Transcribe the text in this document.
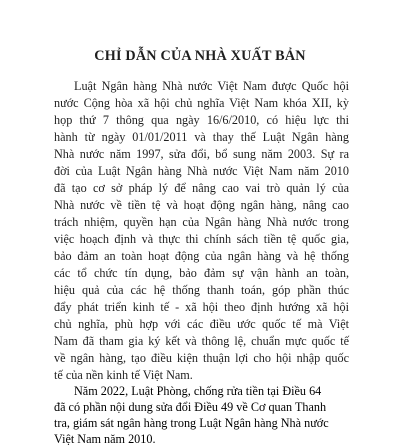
CHỈ DẪN CỦA NHÀ XUẤT BẢN

Luật Ngân hàng Nhà nước Việt Nam được Quốc hội

nước Cộng hòa xã hội chủ nghĩa Việt Nam khóa XII, kỳ

họp thứ 7 thông qua ngày 16/6/2010, có hiệu lực thi

hành từ ngày 01/01/2011 và thay thế Luật Ngân hàng

Nhà nước năm 1997, sửa đổi, bổ sung năm 2003. Sự ra

đời của Luật Ngân hàng Nhà nước Việt Nam năm 2010

đã tạo cơ sở pháp lý để nâng cao vai trò quản lý của

Nhà nước về tiền tệ và hoạt động ngân hàng, nâng cao

trách nhiệm, quyền hạn của Ngân hàng Nhà nước trong

việc hoạch định và thực thi chính sách tiền tệ quốc gia,

bảo đảm an toàn hoạt động của ngân hàng và hệ thống

các tổ chức tín dụng, bảo đảm sự vận hành an toàn,

hiệu quả của các hệ thống thanh toán, góp phần thúc

đẩy phát triển kinh tế - xã hội theo định hướng xã hội

chủ nghĩa, phù hợp với các điều ước quốc tế mà Việt

Nam đã tham gia ký kết và thông lệ, chuẩn mực quốc tế

về ngân hàng, tạo điều kiện thuận lợi cho hội nhập quốc

tế của nền kinh tế Việt Nam.

Năm 2022, Luật Phòng, chống rửa tiền tại Điều 64
đã có phần nội dung sửa đổi Điều 49 về Cơ quan Thanh
tra, giám sát ngân hàng trong Luật Ngân hàng Nhà nước
Việt Nam năm 2010.
